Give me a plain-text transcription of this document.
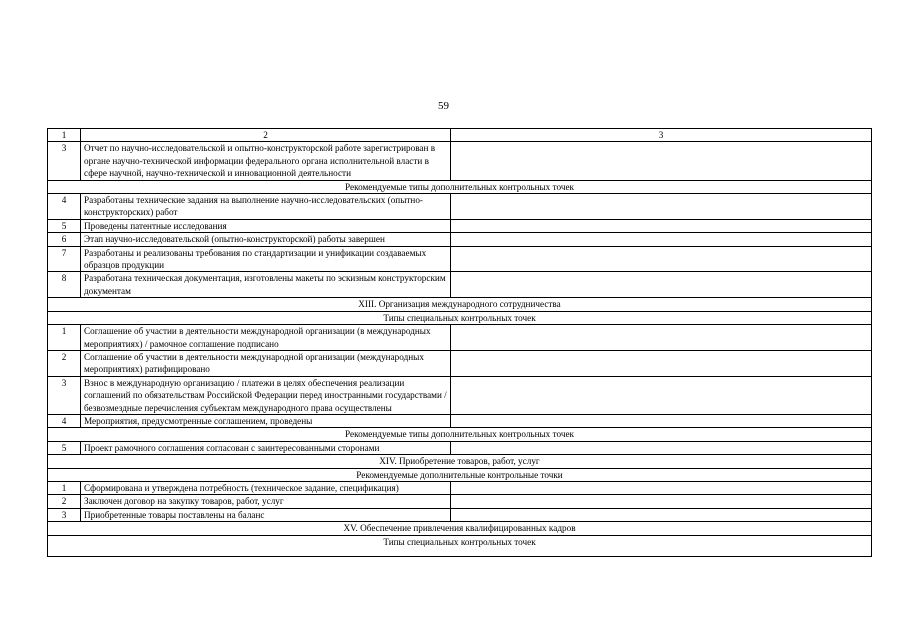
59
1	2	3
3	Отчет по научно-исследовательской и опытно-конструкторской работе зарегистрирован в органе научно-технической информации федерального органа исполнительной власти в сфере научной, научно-технической и инновационной деятельности	
Рекомендуемые типы дополнительных контрольных точек		
4	Разработаны технические задания на выполнение научно-исследовательских (опытно-конструкторских) работ	
5	Проведены патентные исследования	
6	Этап научно-исследовательской (опытно-конструкторской) работы завершен	
7	Разработаны и реализованы требования по стандартизации и унификации создаваемых образцов продукции	
8	Разработана техническая документация, изготовлены макеты по эскизным конструкторским документам	
XIII. Организация международного сотрудничества		
Типы специальных контрольных точек		
1	Соглашение об участии в деятельности международной организации (в международных мероприятиях) / рамочное соглашение подписано	
2	Соглашение об участии в деятельности международной организации (международных мероприятиях) ратифицировано	
3	Взнос в международную организацию / платежи в целях обеспечения реализации соглашений по обязательствам Российской Федерации перед иностранными государствами / безвозмездные перечисления субъектам международного права осуществлены	
4	Мероприятия, предусмотренные соглашением, проведены	
Рекомендуемые типы дополнительных контрольных точек		
5	Проект рамочного соглашения согласован с заинтересованными сторонами	
XIV. Приобретение товаров, работ, услуг		
Рекомендуемые дополнительные контрольные точки		
1	Сформирована и утверждена потребность (техническое задание, спецификация)	
2	Заключен договор на закупку товаров, работ, услуг	
3	Приобретенные товары поставлены на баланс	
XV. Обеспечение привлечения квалифицированных кадров		
Типы специальных контрольных точек		
